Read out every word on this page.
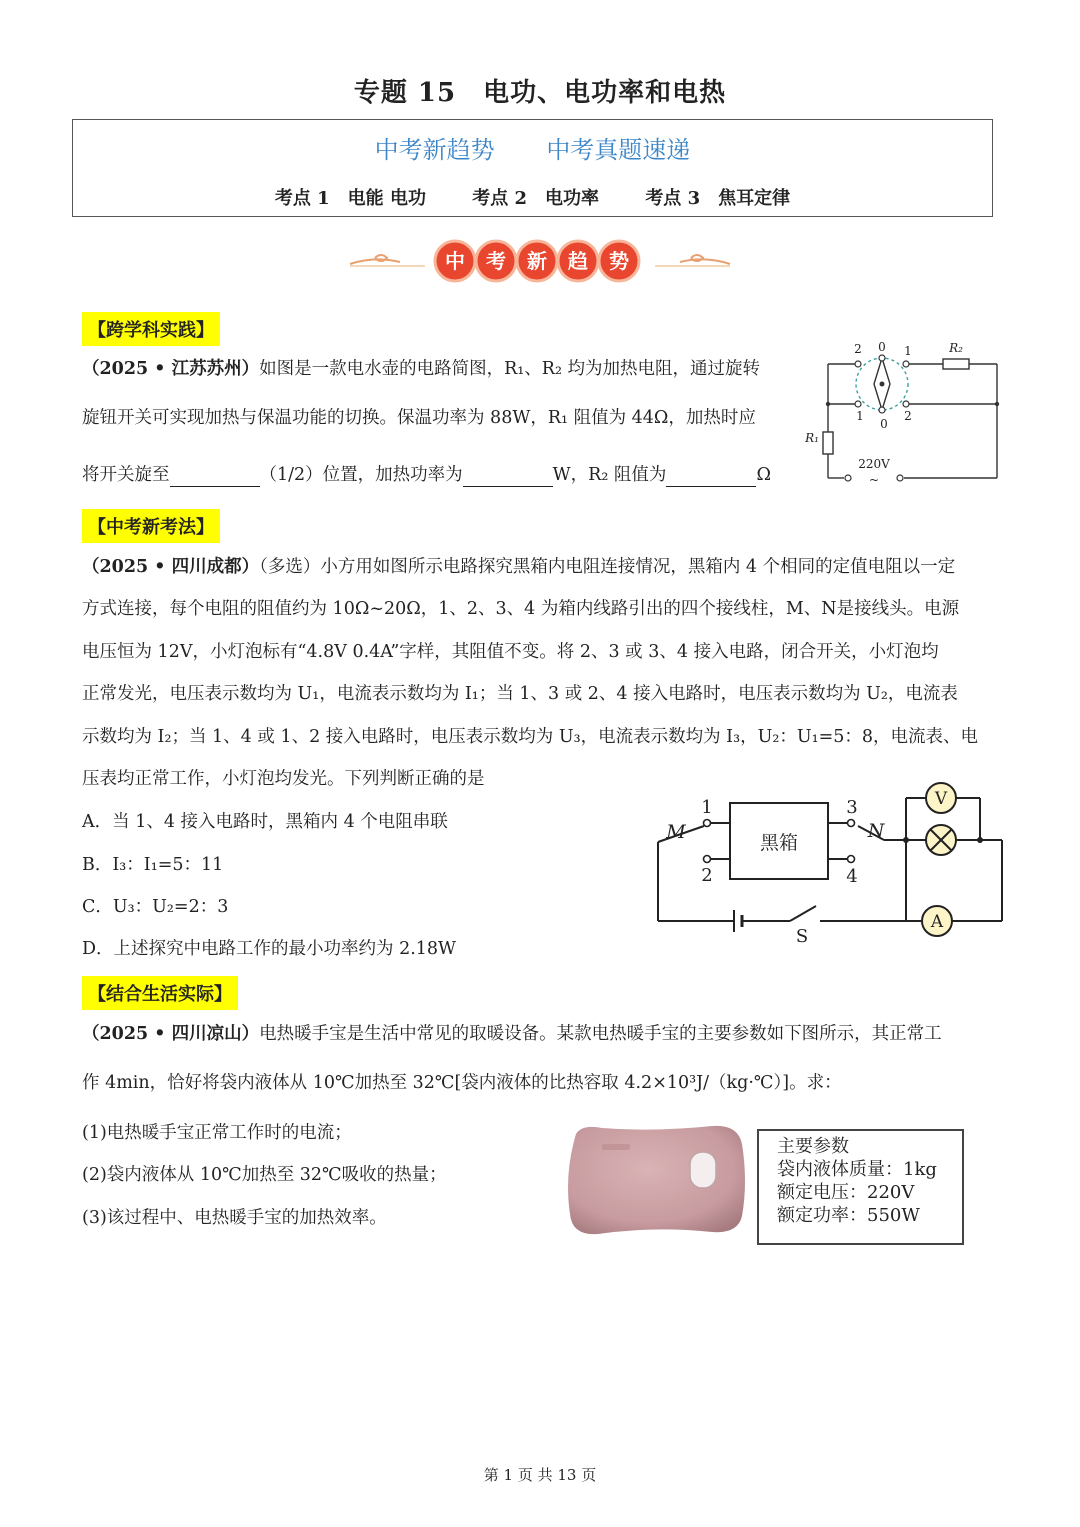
专题 15　电功、电功率和电热
中考新趋势 中考真题速递
考点 1　电能 电功	考点 2　电功率	考点 3　焦耳定律
中 考 新 趋 势
【跨学科实践】
（2025 • 江苏苏州）如图是一款电水壶的电路简图，R₁、R₂ 均为加热电阻，通过旋转
旋钮开关可实现加热与保温功能的切换。保温功率为 88W，R₁ 阻值为 44Ω，加热时应
将开关旋至	（1/2）位置，加热功率为	W，R₂ 阻值为	Ω
2 0 1
1
0
2
R₂
R₁
220V
~
【中考新考法】
（2025 • 四川成都）（多选）小方用如图所示电路探究黑箱内电阻连接情况，黑箱内 4 个相同的定值电阻以一定
方式连接，每个电阻的阻值约为 10Ω~20Ω，1、2、3、4 为箱内线路引出的四个接线柱，M、N是接线头。电源
电压恒为 12V，小灯泡标有“4.8V 0.4A”字样，其阻值不变。将 2、3 或 3、4 接入电路，闭合开关，小灯泡均
正常发光，电压表示数均为 U₁，电流表示数均为 I₁；当 1、3 或 2、4 接入电路时，电压表示数均为 U₂，电流表
示数均为 I₂；当 1、4 或 1、2 接入电路时，电压表示数均为 U₃，电流表示数均为 I₃，U₂：U₁=5：8，电流表、电
压表均正常工作，小灯泡均发光。下列判断正确的是
A．当 1、4 接入电路时，黑箱内 4 个电阻串联
B．I₃：I₁=5：11
C．U₃：U₂=2：3
D．上述探究中电路工作的最小功率约为 2.18W
黑箱
1
2
3
4
M	N
V
A
S
【结合生活实际】
（2025 • 四川凉山）电热暖手宝是生活中常见的取暖设备。某款电热暖手宝的主要参数如下图所示，其正常工
作 4min，恰好将袋内液体从 10℃加热至 32℃[袋内液体的比热容取 4.2×10³J/（kg·℃）]。求：
(1)电热暖手宝正常工作时的电流；
(2)袋内液体从 10℃加热至 32℃吸收的热量；
(3)该过程中、电热暖手宝的加热效率。
主要参数
袋内液体质量：1kg
额定电压：220V
额定功率：550W
第 1 页 共 13 页
